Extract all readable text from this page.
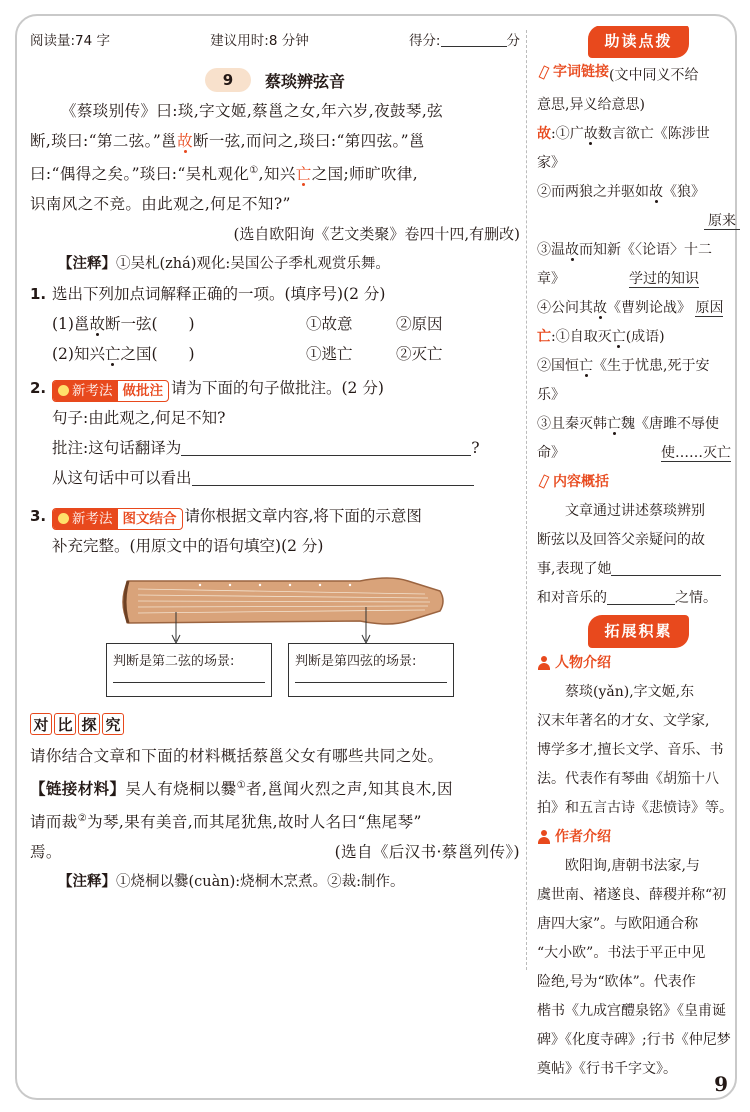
阅读量:74 字	建议用时:8 分钟	得分:	分
9	蔡琰辨弦音

《蔡琰别传》曰:琰,字文姬,蔡邕之女,年六岁,夜鼓琴,弦

断,琰曰:“第二弦。”邕故断一弦,而问之,琰曰:“第四弦。”邕

曰:“偶得之矣。”琰曰:“吴札观化①,知兴亡之国;师旷吹律,

识南风之不竞。由此观之,何足不知?”

(选自欧阳询《艺文类聚》卷四十四,有删改)

【注释】①吴札(zhá)观化:吴国公子季札观赏乐舞。

1. 选出下列加点词解释正确的一项。(填序号)(2 分)

(1)邕故断一弦(　　)	①故意	②原因
(2)知兴亡之国(　　)	①逃亡	②灭亡

2. 新考法 做批注 请为下面的句子做批注。(2 分)

句子:由此观之,何足不知?

批注:这句话翻译为	?

从这句话中可以看出

3. 新考法 图文结合 请你根据文章内容,将下面的示意图

补充完整。(用原文中的语句填空)(2 分)

判断是第二弦的场景:	判断是第四弦的场景:
对 比 探 究

请你结合文章和下面的材料概括蔡邕父女有哪些共同之处。

【链接材料】吴人有烧桐以爨①者,邕闻火烈之声,知其良木,因

请而裁②为琴,果有美音,而其尾犹焦,故时人名曰“焦尾琴”

焉。	(选自《后汉书·蔡邕列传》)

【注释】①烧桐以爨(cuàn):烧桐木烹煮。②裁:制作。

助读点拨
字词链接 (文中同义不给
意思,异义给意思)
故:①广故数言欲亡《陈涉世
家》
②而两狼之并驱如故《狼》
原来
③温故而知新《〈论语〉十二
章》	学过的知识
④公问其故《曹刿论战》 原因
亡:①自取灭亡(成语)
②国恒亡《生于忧患,死于安
乐》
③且秦灭韩亡魏《唐雎不辱使
命》	使……灭亡
内容概括
文章通过讲述蔡琰辨别
断弦以及回答父亲疑问的故
事,表现了她
和对音乐的	之情。
拓展积累
人物介绍
蔡琰(yǎn),字文姬,东
汉末年著名的才女、文学家,
博学多才,擅长文学、音乐、书
法。代表作有琴曲《胡笳十八
拍》和五言古诗《悲愤诗》等。
作者介绍
欧阳询,唐朝书法家,与
虞世南、褚遂良、薛稷并称“初
唐四大家”。与欧阳通合称
“大小欧”。书法于平正中见
险绝,号为“欧体”。代表作
楷书《九成宫醴泉铭》《皇甫诞
碑》《化度寺碑》;行书《仲尼梦
奠帖》《行书千字文》。
9
